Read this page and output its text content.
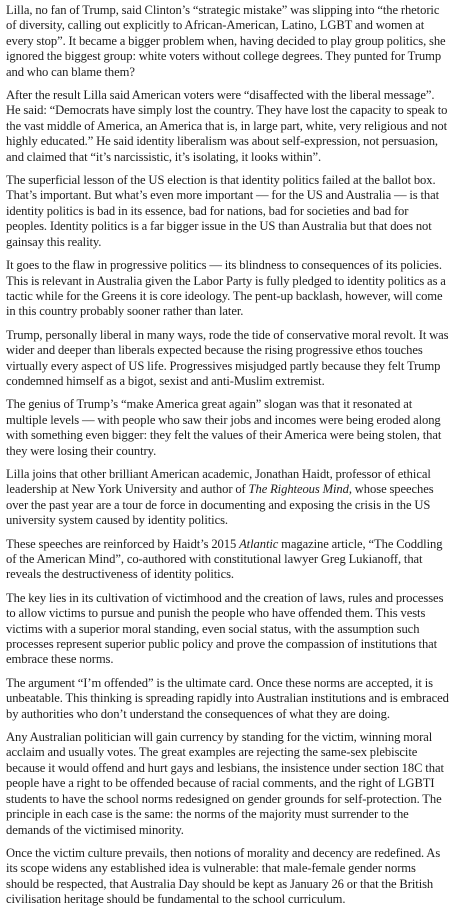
Lilla, no fan of Trump, said Clinton’s “strategic mistake” was slipping into “the rhetoric of diversity, calling out explicitly to African-American, Latino, LGBT and women at every stop”. It became a bigger problem when, having decided to play group politics, she ignored the biggest group: white voters without college degrees. They punted for Trump and who can blame them?

After the result Lilla said American voters were “disaffected with the liberal message”. He said: “Democrats have simply lost the country. They have lost the capacity to speak to the vast middle of America, an America that is, in large part, white, very religious and not highly educated.” He said identity liberalism was about self-expression, not persuasion, and claimed that “it’s narcissistic, it’s isolating, it looks within”.

The superficial lesson of the US election is that identity politics failed at the ballot box. That’s important. But what’s even more important — for the US and Australia — is that identity politics is bad in its essence, bad for nations, bad for societies and bad for peoples. Identity politics is a far bigger issue in the US than Australia but that does not gainsay this reality.

It goes to the flaw in progressive politics — its blindness to consequences of its policies. This is relevant in Australia given the Labor Party is fully pledged to identity politics as a tactic while for the Greens it is core ideology. The pent-up backlash, however, will come in this country probably sooner rather than later.

Trump, personally liberal in many ways, rode the tide of conservative moral revolt. It was wider and deeper than liberals expected because the rising progressive ethos touches virtually every aspect of US life. Progressives misjudged partly because they felt Trump condemned himself as a bigot, sexist and anti-Muslim extremist.

The genius of Trump’s “make America great again” slogan was that it resonated at multiple levels — with people who saw their jobs and incomes were being eroded along with something even bigger: they felt the values of their America were being stolen, that they were losing their country.

Lilla joins that other brilliant American academic, Jonathan Haidt, professor of ethical leadership at New York University and author of The Righteous Mind, whose speeches over the past year are a tour de force in documenting and exposing the crisis in the US university system caused by identity politics.

These speeches are reinforced by Haidt’s 2015 Atlantic magazine article, “The Coddling of the American Mind”, co-authored with constitutional lawyer Greg Lukianoff, that reveals the destructiveness of identity politics.

The key lies in its cultivation of victimhood and the creation of laws, rules and processes to allow victims to pursue and punish the people who have offended them. This vests victims with a superior moral standing, even social status, with the assumption such processes represent superior public policy and prove the compassion of institutions that embrace these norms.

The argument “I’m offended” is the ultimate card. Once these norms are accepted, it is unbeatable. This thinking is spreading rapidly into Australian institutions and is embraced by authorities who don’t understand the consequences of what they are doing.

Any Australian politician will gain currency by standing for the victim, winning moral acclaim and usually votes. The great examples are rejecting the same-sex plebiscite because it would offend and hurt gays and lesbians, the insistence under section 18C that people have a right to be offended because of racial comments, and the right of LGBTI students to have the school norms redesigned on gender grounds for self-protection. The principle in each case is the same: the norms of the majority must surrender to the demands of the victimised minority.

Once the victim culture prevails, then notions of morality and decency are redefined. As its scope widens any established idea is vulnerable: that male-female gender norms should be respected, that Australia Day should be kept as January 26 or that the British civilisation heritage should be fundamental to the school curriculum.
